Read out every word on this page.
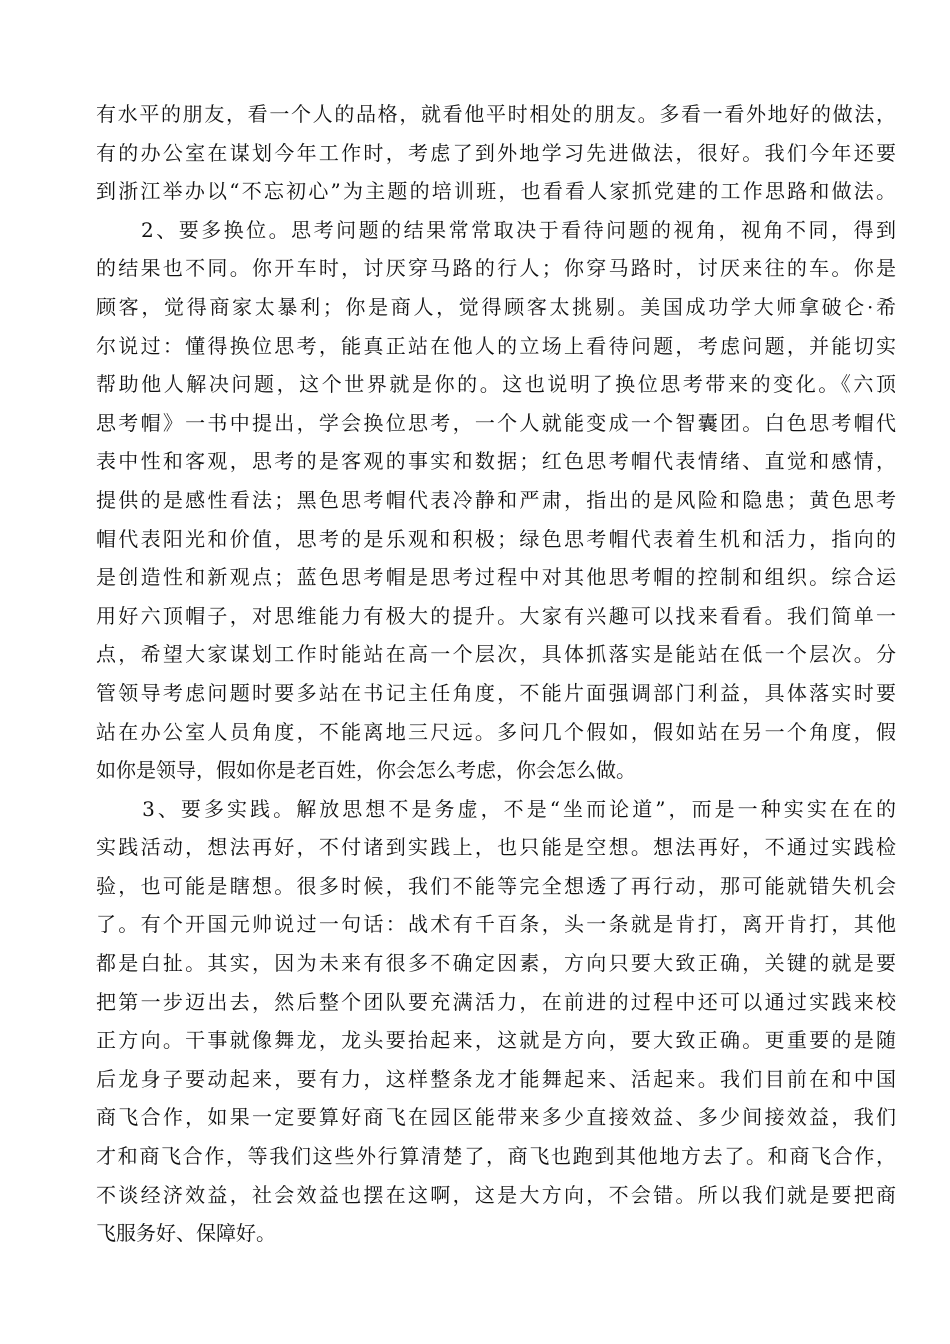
有水平的朋友，看一个人的品格，就看他平时相处的朋友。多看一看外地好的做法，
有的办公室在谋划今年工作时，考虑了到外地学习先进做法，很好。我们今年还要
到浙江举办以“不忘初心”为主题的培训班，也看看人家抓党建的工作思路和做法。
　　2、要多换位。思考问题的结果常常取决于看待问题的视角，视角不同，得到
的结果也不同。你开车时，讨厌穿马路的行人；你穿马路时，讨厌来往的车。你是
顾客，觉得商家太暴利；你是商人，觉得顾客太挑剔。美国成功学大师拿破仑·希
尔说过：懂得换位思考，能真正站在他人的立场上看待问题，考虑问题，并能切实
帮助他人解决问题，这个世界就是你的。这也说明了换位思考带来的变化。《六顶
思考帽》一书中提出，学会换位思考，一个人就能变成一个智囊团。白色思考帽代
表中性和客观，思考的是客观的事实和数据；红色思考帽代表情绪、直觉和感情，
提供的是感性看法；黑色思考帽代表冷静和严肃，指出的是风险和隐患；黄色思考
帽代表阳光和价值，思考的是乐观和积极；绿色思考帽代表着生机和活力，指向的
是创造性和新观点；蓝色思考帽是思考过程中对其他思考帽的控制和组织。综合运
用好六顶帽子，对思维能力有极大的提升。大家有兴趣可以找来看看。我们简单一
点，希望大家谋划工作时能站在高一个层次，具体抓落实是能站在低一个层次。分
管领导考虑问题时要多站在书记主任角度，不能片面强调部门利益，具体落实时要
站在办公室人员角度，不能离地三尺远。多问几个假如，假如站在另一个角度，假
如你是领导，假如你是老百姓，你会怎么考虑，你会怎么做。
　　3、要多实践。解放思想不是务虚，不是“坐而论道”，而是一种实实在在的
实践活动，想法再好，不付诸到实践上，也只能是空想。想法再好，不通过实践检
验，也可能是瞎想。很多时候，我们不能等完全想透了再行动，那可能就错失机会
了。有个开国元帅说过一句话：战术有千百条，头一条就是肯打，离开肯打，其他
都是白扯。其实，因为未来有很多不确定因素，方向只要大致正确，关键的就是要
把第一步迈出去，然后整个团队要充满活力，在前进的过程中还可以通过实践来校
正方向。干事就像舞龙，龙头要抬起来，这就是方向，要大致正确。更重要的是随
后龙身子要动起来，要有力，这样整条龙才能舞起来、活起来。我们目前在和中国
商飞合作，如果一定要算好商飞在园区能带来多少直接效益、多少间接效益，我们
才和商飞合作，等我们这些外行算清楚了，商飞也跑到其他地方去了。和商飞合作，
不谈经济效益，社会效益也摆在这啊，这是大方向，不会错。所以我们就是要把商
飞服务好、保障好。
